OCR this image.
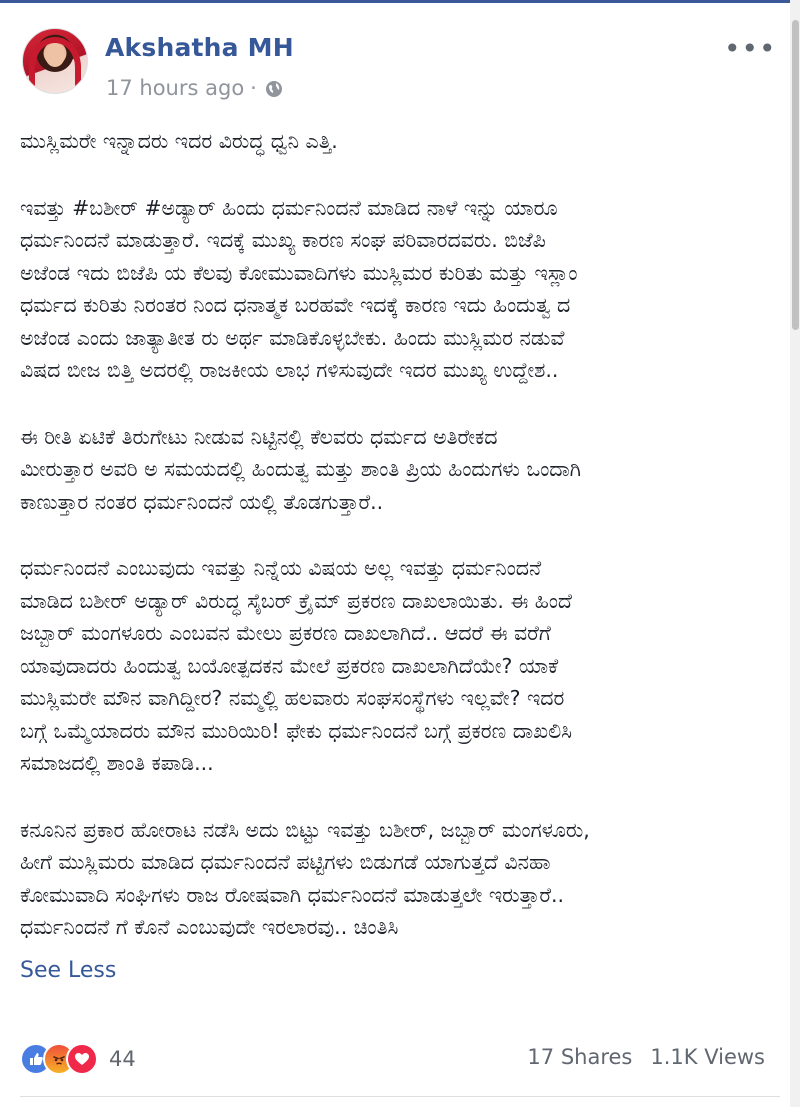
Akshatha MH
17 hours ago ·
•••

ಮುಸ್ಲಿಮರೇ ಇನ್ನಾದರು ಇದರ ವಿರುದ್ಧ ಧ್ವನಿ ಎತ್ತಿ.

ಇವತ್ತು #ಬಶೀರ್ #ಅಡ್ಯಾರ್ ಹಿಂದು ಧರ್ಮನಿಂದನೆ ಮಾಡಿದ ನಾಳೆ ಇನ್ನು ಯಾರೂ
ಧರ್ಮನಿಂದನೆ ಮಾಡುತ್ತಾರೆ. ಇದಕ್ಕೆ ಮುಖ್ಯ ಕಾರಣ ಸಂಘ ಪರಿವಾರದವರು. ಬಿಜೆಪಿ
ಅಜೆಂಡ ಇದು ಬಿಜೆಪಿ ಯ ಕೆಲವು ಕೋಮುವಾದಿಗಳು ಮುಸ್ಲಿಮರ ಕುರಿತು ಮತ್ತು ಇಸ್ಲಾಂ
ಧರ್ಮದ ಕುರಿತು ನಿರಂತರ ನಿಂದ ಧನಾತ್ಮಕ ಬರಹವೇ ಇದಕ್ಕೆ ಕಾರಣ ಇದು ಹಿಂದುತ್ವ ದ
ಅಜೆಂಡ ಎಂದು ಜಾತ್ಯಾತೀತ ರು ಅರ್ಥ ಮಾಡಿಕೊಳ್ಳಬೇಕು. ಹಿಂದು ಮುಸ್ಲಿಮರ ನಡುವೆ
ವಿಷದ ಬೀಜ ಬಿತ್ತಿ ಅದರಲ್ಲಿ ರಾಜಕೀಯ ಲಾಭ ಗಳಿಸುವುದೇ ಇದರ ಮುಖ್ಯ ಉದ್ದೇಶ..

ಈ ರೀತಿ ಏಟಿಕೆ ತಿರುಗೇಟು ನೀಡುವ ನಿಟ್ಟಿನಲ್ಲಿ ಕೆಲವರು ಧರ್ಮದ ಅತಿರೇಕದ
ಮೀರುತ್ತಾರ ಅವರಿ ಅ ಸಮಯದಲ್ಲಿ ಹಿಂದುತ್ವ ಮತ್ತು ಶಾಂತಿ ಪ್ರಿಯ ಹಿಂದುಗಳು ಒಂದಾಗಿ
ಕಾಣುತ್ತಾರ ನಂತರ ಧರ್ಮನಿಂದನೆ ಯಲ್ಲಿ ತೊಡಗುತ್ತಾರೆ..

ಧರ್ಮನಿಂದನೆ ಎಂಬುವುದು ಇವತ್ತು ನಿನ್ನೆಯ ವಿಷಯ ಅಲ್ಲ ಇವತ್ತು ಧರ್ಮನಿಂದನೆ
ಮಾಡಿದ ಬಶೀರ್ ಅಡ್ಯಾರ್ ವಿರುದ್ಧ ಸೈಬರ್ ಕ್ರೈಮ್ ಪ್ರಕರಣ ದಾಖಲಾಯಿತು. ಈ ಹಿಂದೆ
ಜಬ್ಬಾರ್ ಮಂಗಳೂರು ಎಂಬವನ ಮೇಲು ಪ್ರಕರಣ ದಾಖಲಾಗಿದೆ.. ಆದರೆ ಈ ವರೆಗೆ
ಯಾವುದಾದರು ಹಿಂದುತ್ವ ಬಯೋತ್ಪದಕನ ಮೇಲೆ ಪ್ರಕರಣ ದಾಖಲಾಗಿದೆಯೇ? ಯಾಕೆ
ಮುಸ್ಲಿಮರೇ ಮೌನ ವಾಗಿದ್ದೀರ? ನಮ್ಮಲ್ಲಿ ಹಲವಾರು ಸಂಘಸಂಸ್ಥೆಗಳು ಇಲ್ಲವೇ? ಇದರ
ಬಗ್ಗೆ ಒಮ್ಮೆಯಾದರು ಮೌನ ಮುರಿಯಿರಿ! ಫೇಕು ಧರ್ಮನಿಂದನೆ ಬಗ್ಗೆ ಪ್ರಕರಣ ದಾಖಲಿಸಿ
ಸಮಾಜದಲ್ಲಿ ಶಾಂತಿ ಕಪಾಡಿ...

ಕನೂನಿನ ಪ್ರಕಾರ ಹೋರಾಟ ನಡೆಸಿ ಅದು ಬಿಟ್ಟು ಇವತ್ತು ಬಶೀರ್, ಜಬ್ಬಾರ್ ಮಂಗಳೂರು,
ಹೀಗೆ ಮುಸ್ಲಿಮರು ಮಾಡಿದ ಧರ್ಮನಿಂದನೆ ಪಟ್ಟಿಗಳು ಬಿಡುಗಡೆ ಯಾಗುತ್ತದೆ ವಿನಹಾ
ಕೋಮುವಾದಿ ಸಂಘಿಗಳು ರಾಜ ರೋಷವಾಗಿ ಧರ್ಮನಿಂದನೆ ಮಾಡುತ್ತಲೇ ಇರುತ್ತಾರೆ..
ಧರ್ಮನಿಂದನೆ ಗೆ ಕೊನೆ ಎಂಬುವುದೇ ಇರಲಾರವು.. ಚಿಂತಿಸಿ

See Less
44	17 Shares 1.1K Views
